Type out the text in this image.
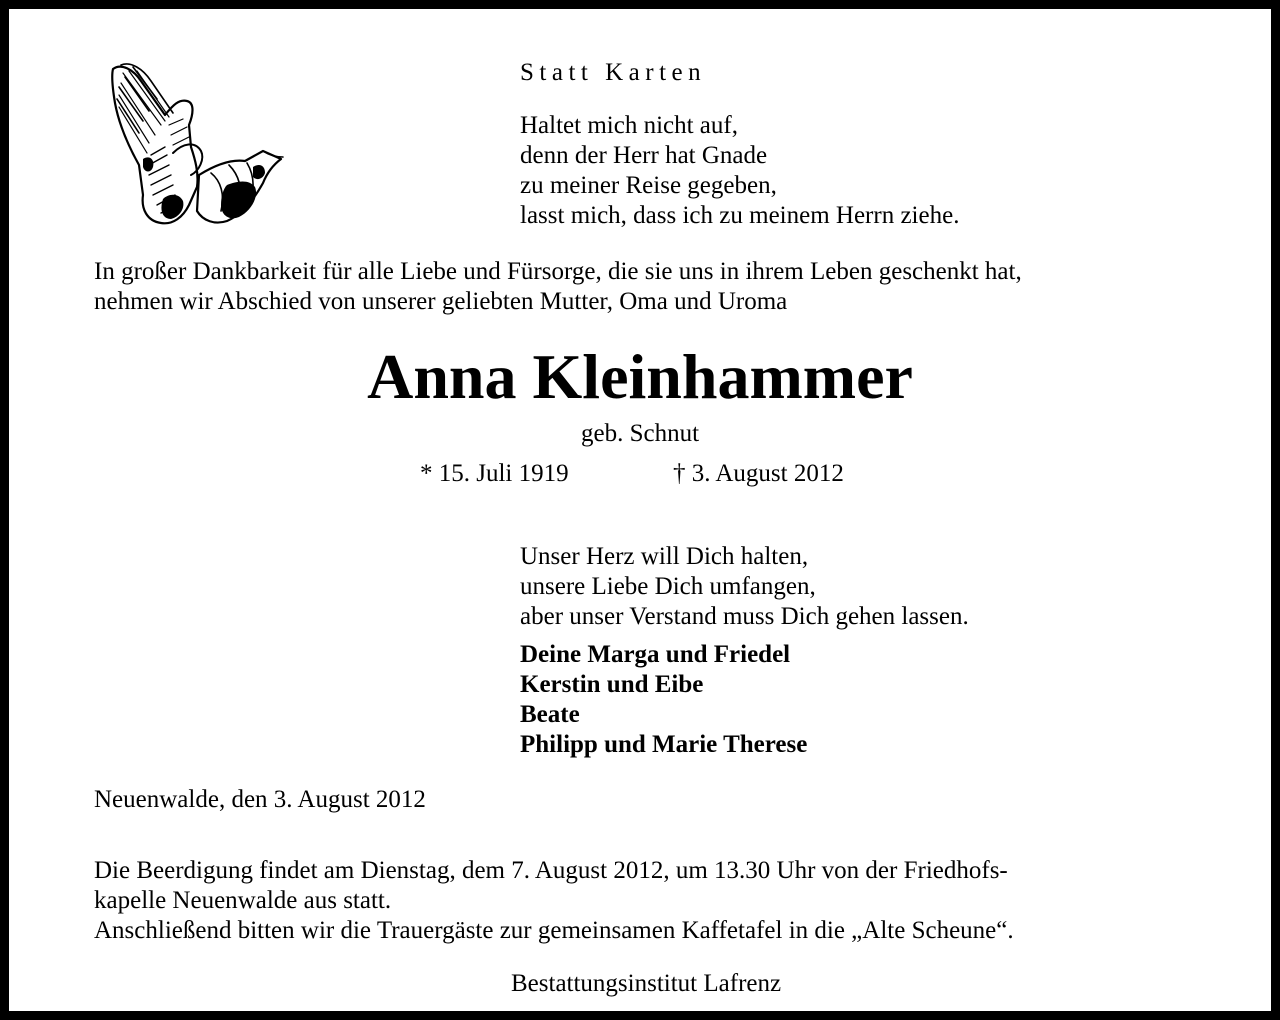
Statt Karten
Haltet mich nicht auf,
denn der Herr hat Gnade
zu meiner Reise gegeben,
lasst mich, dass ich zu meinem Herrn ziehe.
In großer Dankbarkeit für alle Liebe und Fürsorge, die sie uns in ihrem Leben geschenkt hat,
nehmen wir Abschied von unserer geliebten Mutter, Oma und Uroma
Anna Kleinhammer
geb. Schnut
* 15. Juli 1919	† 3. August 2012
Unser Herz will Dich halten,
unsere Liebe Dich umfangen,
aber unser Verstand muss Dich gehen lassen.
Deine Marga und Friedel
Kerstin und Eibe
Beate
Philipp und Marie Therese
Neuenwalde, den 3. August 2012
Die Beerdigung findet am Dienstag, dem 7. August 2012, um 13.30 Uhr von der Friedhofs-
kapelle Neuenwalde aus statt.
Anschließend bitten wir die Trauergäste zur gemeinsamen Kaffetafel in die „Alte Scheune“.
Bestattungsinstitut Lafrenz
